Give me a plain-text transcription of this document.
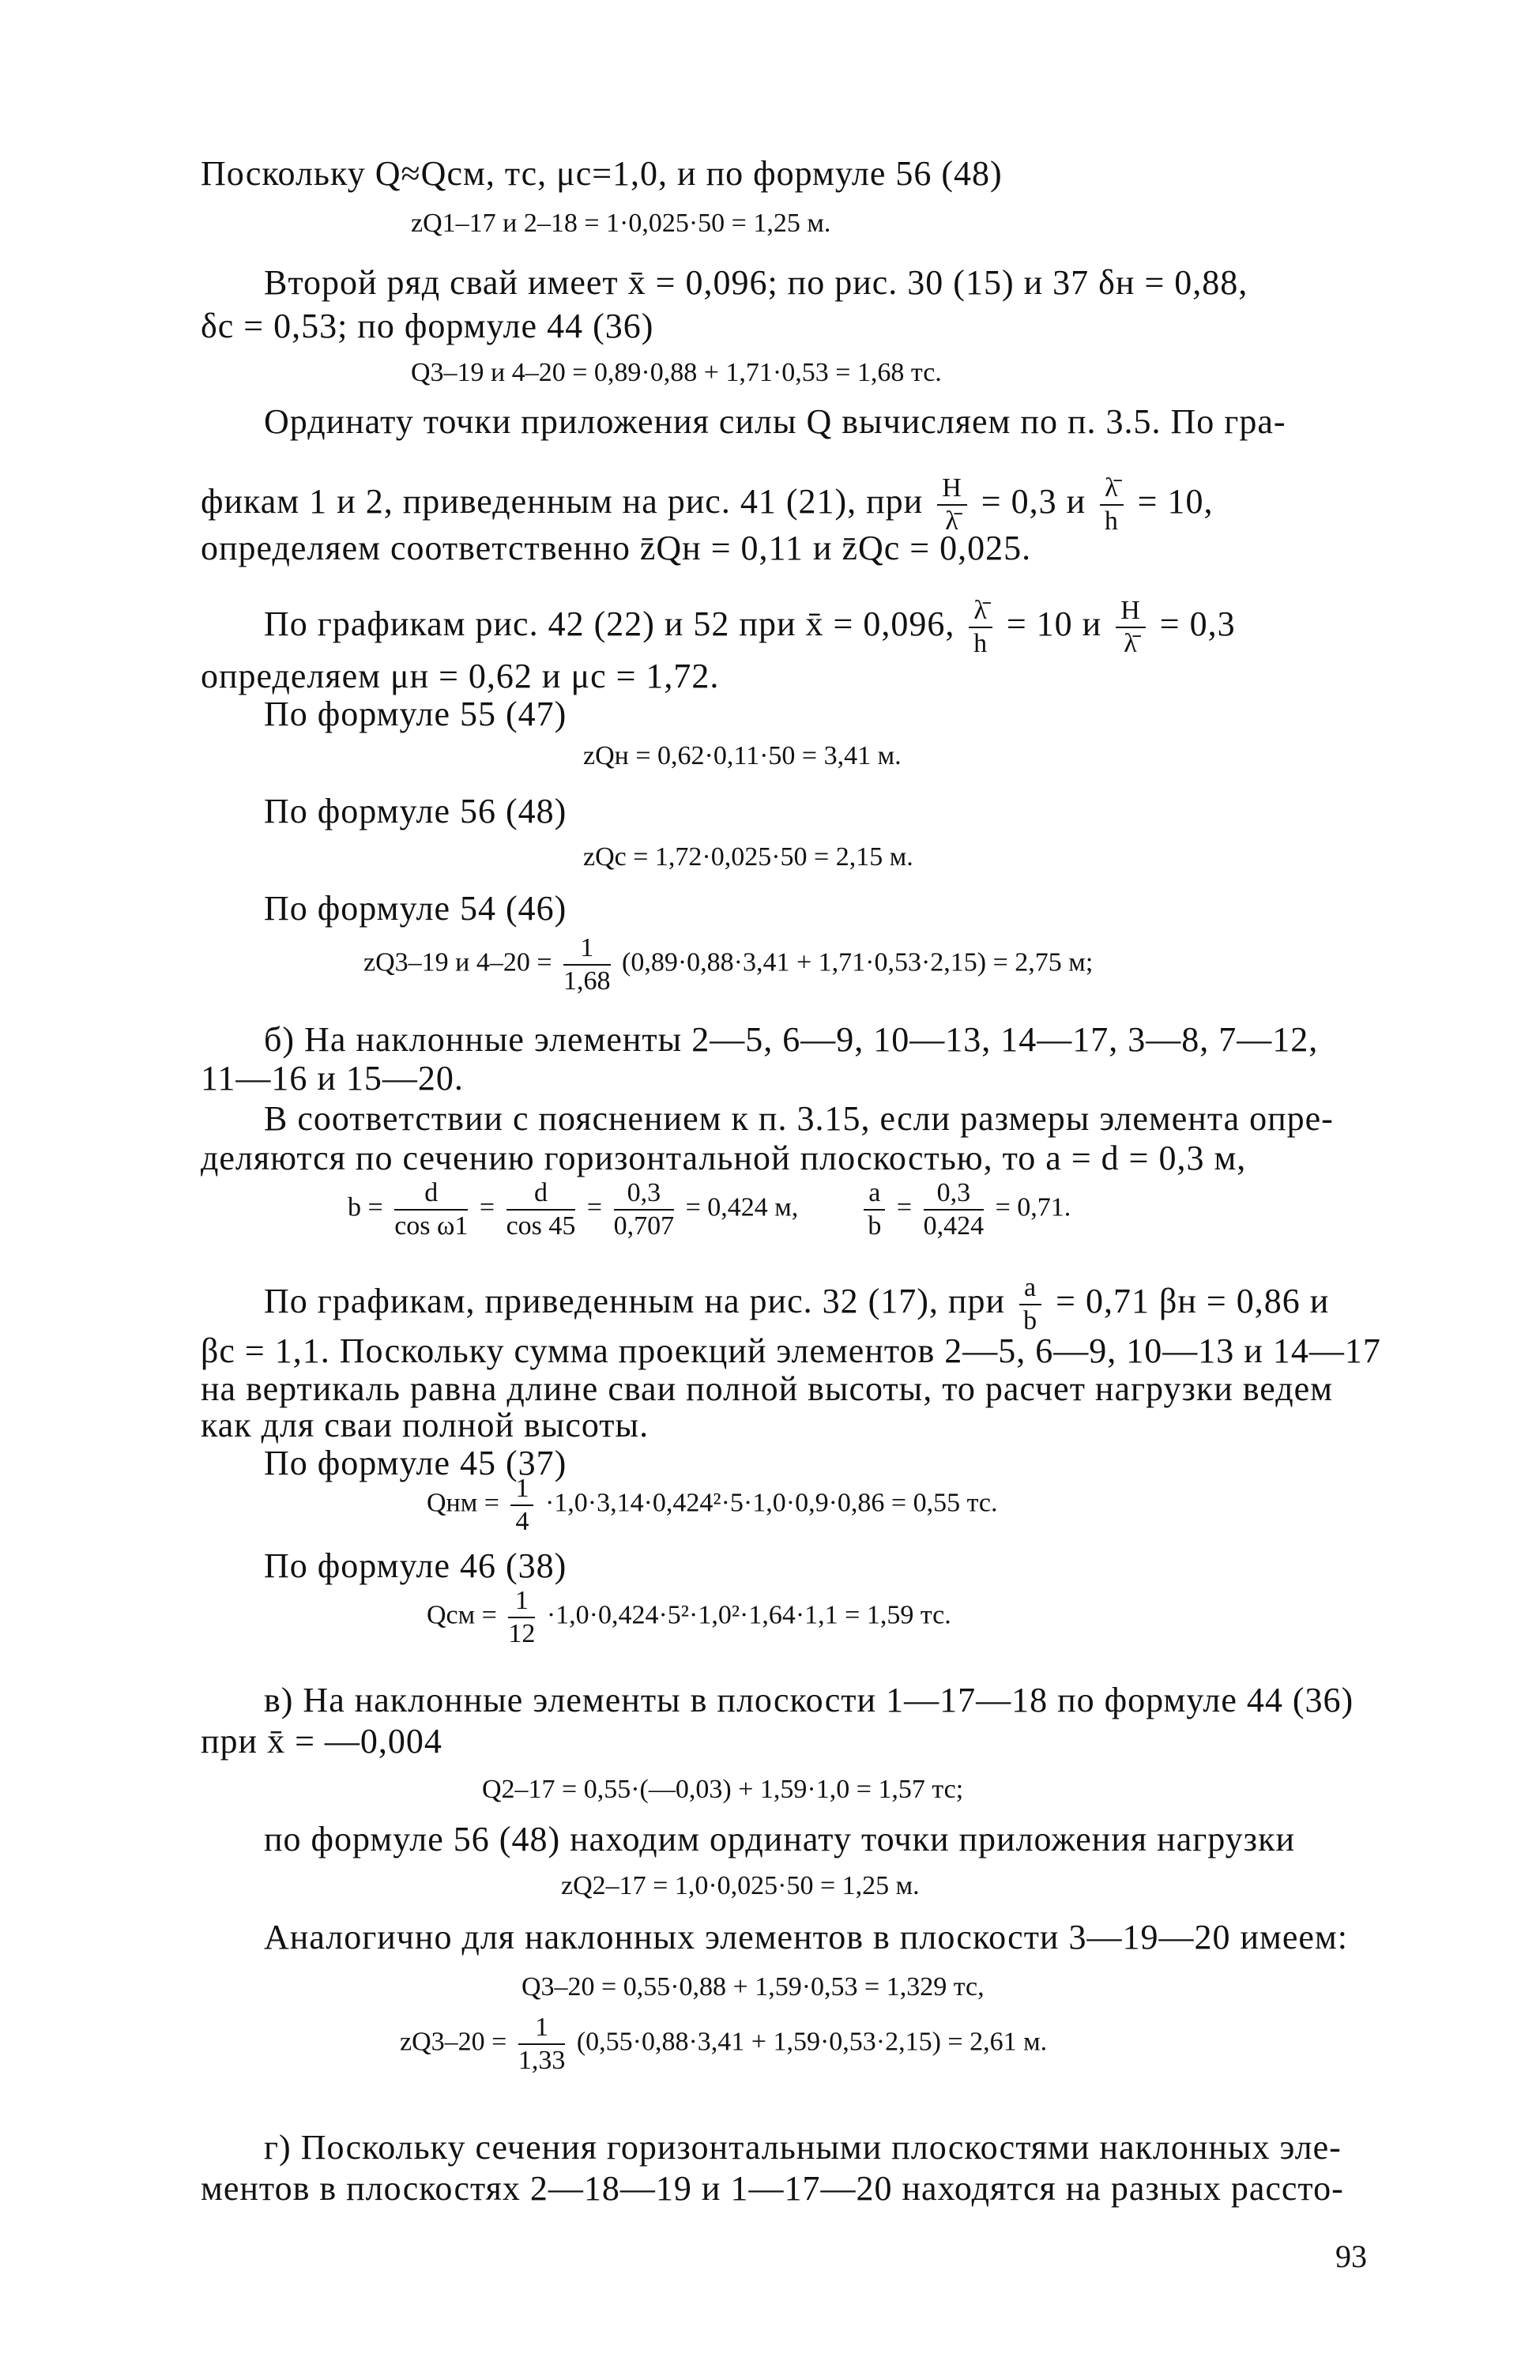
Поскольку Q≈Qсм, тс, μс=1,0, и по формуле 56 (48)
zQ1–17 и 2–18 = 1·0,025·50 = 1,25 м.
Второй ряд свай имеет x̄ = 0,096; по рис. 30 (15) и 37 δн = 0,88,
δс = 0,53; по формуле 44 (36)
Q3–19 и 4–20 = 0,89·0,88 + 1,71·0,53 = 1,68 тс.
Ординату точки приложения силы Q вычисляем по п. 3.5. По гра-
фикам 1 и 2, приведенным на рис. 41 (21), при $\frac{H}{\lambdā} = 0,3$ и $\frac{\lambdā}{h} = 10$,
определяем соответственно z̄Qн = 0,11 и z̄Qс = 0,025.
По графикам рис. 42 (22) и 52 при x̄ = 0,096, $\frac{\lambdā}{h} = 10$ и $\frac{H}{\lambdā} = 0,3$
определяем μн = 0,62 и μс = 1,72.
По формуле 55 (47)
zQн = 0,62·0,11·50 = 3,41 м.
По формуле 56 (48)
zQс = 1,72·0,025·50 = 2,15 м.
По формуле 54 (46)
zQ3–19 и $4-20 = \frac{1}{1,68} (0,89\cdot 0,88\cdot 3,41 + 1,71\cdot 0,53\cdot 2,15) = 2,75$ м;
б) На наклонные элементы 2—5, 6—9, 10—13, 14—17, 3—8, 7—12,
11—16 и 15—20.
В соответствии с пояснением к п. 3.15, если размеры элемента опре-
деляются по сечению горизонтальной плоскостью, то a = d = 0,3 м,
$b = \frac{d}{\text{cos ω1}} = \frac{d}{\cos 45} = \frac{0,3}{0,707} = 0,424$ м, $\frac{a}{b} = \frac{0,3}{0,424} = 0,71$.
По графикам, приведенным на рис. 32 (17), при $\frac{a}{b} = 0,71$ βн = 0,86 и
βс = 1,1. Поскольку сумма проекций элементов 2—5, 6—9, 10—13 и 14—17
на вертикаль равна длине сваи полной высоты, то расчет нагрузки ведем
как для сваи полной высоты.
По формуле 45 (37)
Qнм = $\frac{1}{4} \cdot 1,0\cdot 3,14\cdot 0,424^2\cdot 5\cdot 1,0\cdot 0,9\cdot 0,86 = 0,55$ тс.
По формуле 46 (38)
Qсм = $\frac{1}{12} \cdot 1,0\cdot 0,424\cdot 5^2\cdot 1,0^2\cdot 1,64\cdot 1,1 = 1,59$ тс.
в) На наклонные элементы в плоскости 1—17—18 по формуле 44 (36)
при x̄ = —0,004
Q2–17 = 0,55·(—0,03) + 1,59·1,0 = 1,57 тс;
по формуле 56 (48) находим ординату точки приложения нагрузки
zQ2–17 = 1,0·0,025·50 = 1,25 м.
Аналогично для наклонных элементов в плоскости 3—19—20 имеем:
Q3–20 = 0,55·0,88 + 1,59·0,53 = 1,329 тс,
$zQ3-20 = \frac{1}{1,33} (0,55\cdot 0,88\cdot 3,41 + 1,59\cdot 0,53\cdot 2,15) = 2,61$ м.
г) Поскольку сечения горизонтальными плоскостями наклонных эле-
ментов в плоскостях 2—18—19 и 1—17—20 находятся на разных рассто-
93
